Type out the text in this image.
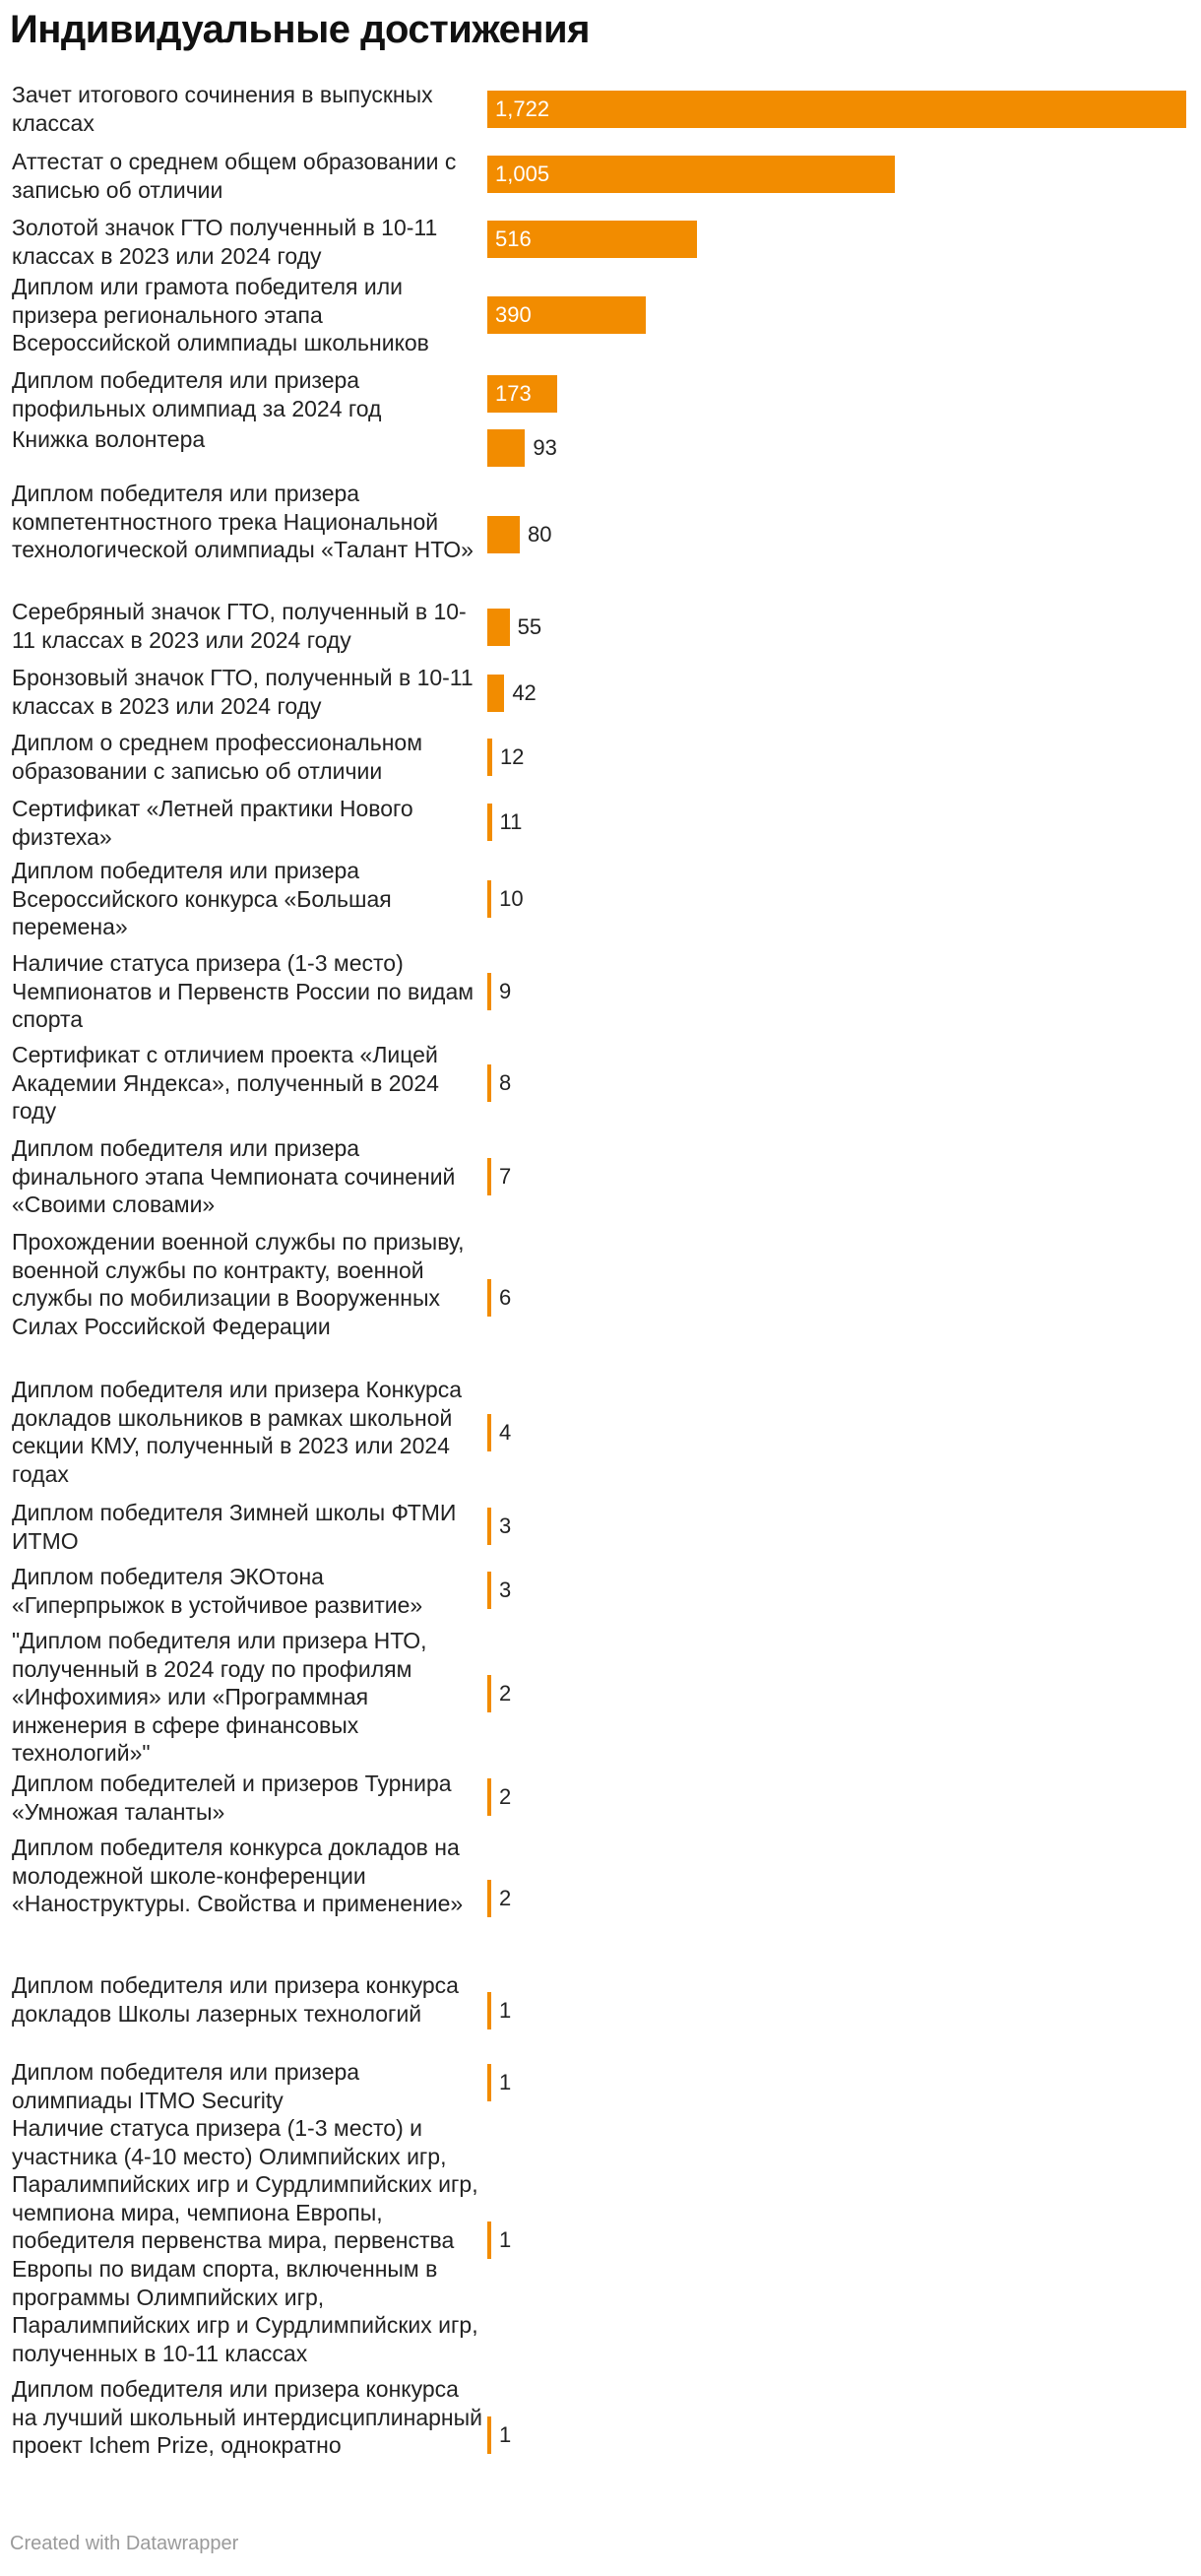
Индивидуальные достижения
Зачет итогового сочинения в выпускных классах
1,722
Аттестат о среднем общем образовании с записью об отличии
1,005
Золотой значок ГТО полученный в 10-11 классах в 2023 или 2024 году
516
Диплом или грамота победителя или призера регионального этапа Всероссийской олимпиады школьников
390
Диплом победителя или призера профильных олимпиад за 2024 год
173
Книжка волонтера	93
Диплом победителя или призера компетентностного трека Национальной технологической олимпиады «Талант НТО»
80
Серебряный значок ГТО, полученный в 10-11 классах в 2023 или 2024 году
55
Бронзовый значок ГТО, полученный в 10-11 классах в 2023 или 2024 году
42
Диплом о среднем профессиональном образовании с записью об отличии
12
Сертификат «Летней практики Нового физтеха»
11
Диплом победителя или призера Всероссийского конкурса «Большая перемена»
10
Наличие статуса призера (1-3 место) Чемпионатов и Первенств России по видам спорта
9
Сертификат с отличием проекта «Лицей Академии Яндекса», полученный в 2024 году
8
Диплом победителя или призера финального этапа Чемпионата сочинений «Своими словами»
7
Прохождении военной службы по призыву, военной службы по контракту, военной службы по мобилизации в Вооруженных Силах Российской Федерации
6
Диплом победителя или призера Конкурса докладов школьников в рамках школьной секции КМУ, полученный в 2023 или 2024 годах
4
Диплом победителя Зимней школы ФТМИ ИТМО
3
Диплом победителя ЭКОтона «Гиперпрыжок в устойчивое развитие»
3
"Диплом победителя или призера НТО, полученный в 2024 году по профилям «Инфохимия» или «Программная инженерия в сфере финансовых технологий»"
2
Диплом победителей и призеров Турнира «Умножая таланты»
2
Диплом победителя конкурса докладов на молодежной школе-конференции «Наноструктуры. Свойства и применение»	2
Диплом победителя или призера конкурса докладов Школы лазерных технологий	1
Диплом победителя или призера олимпиады ITMO Security
1
Наличие статуса призера (1-3 место) и участника (4-10 место) Олимпийских игр, Паралимпийских игр и Сурдлимпийских игр, чемпиона мира, чемпиона Европы, победителя первенства мира, первенства Европы по видам спорта, включенным в программы Олимпийских игр, Паралимпийских игр и Сурдлимпийских игр, полученных в 10-11 классах
1
Диплом победителя или призера конкурса на лучший школьный интердисциплинарный проект Ichem Prize, однократно	1
Created with Datawrapper
